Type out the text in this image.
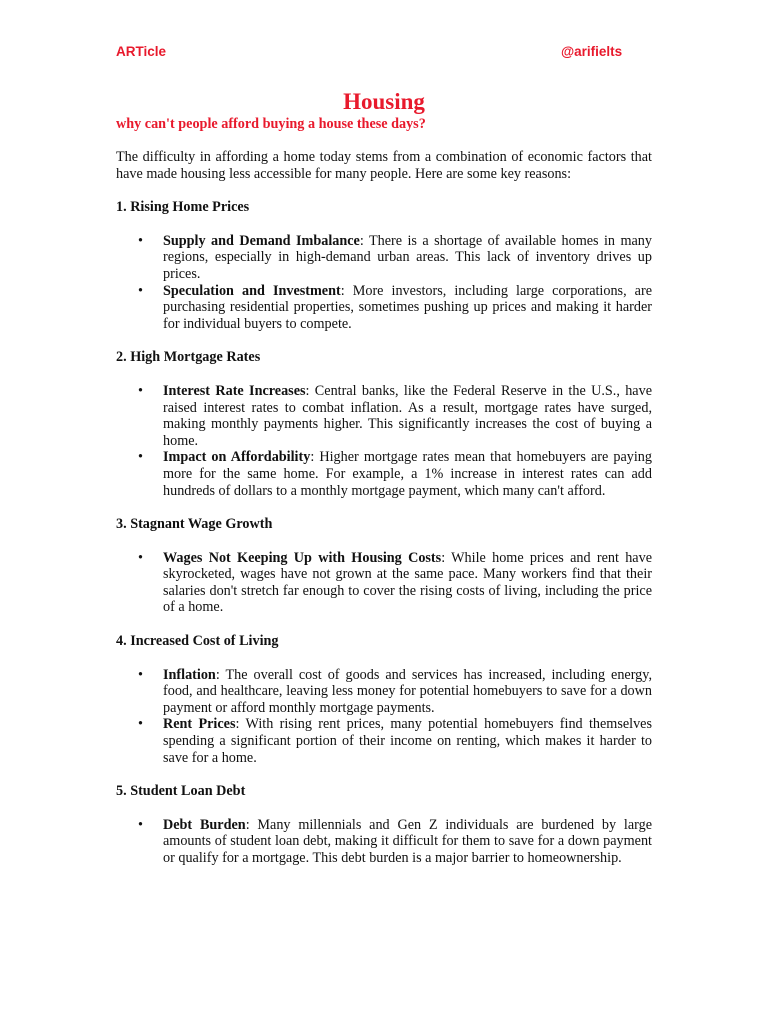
ARTicle	@arifielts
Housing

why can't people afford buying a house these days?

The difficulty in affording a home today stems from a combination of economic factors that have made housing less accessible for many people. Here are some key reasons:

1. Rising Home Prices

• Supply and Demand Imbalance: There is a shortage of available homes in many regions, especially in high-demand urban areas. This lack of inventory drives up prices.
• Speculation and Investment: More investors, including large corporations, are purchasing residential properties, sometimes pushing up prices and making it harder for individual buyers to compete.

2. High Mortgage Rates

• Interest Rate Increases: Central banks, like the Federal Reserve in the U.S., have raised interest rates to combat inflation. As a result, mortgage rates have surged, making monthly payments higher. This significantly increases the cost of buying a home.
• Impact on Affordability: Higher mortgage rates mean that homebuyers are paying more for the same home. For example, a 1% increase in interest rates can add hundreds of dollars to a monthly mortgage payment, which many can't afford.

3. Stagnant Wage Growth

• Wages Not Keeping Up with Housing Costs: While home prices and rent have skyrocketed, wages have not grown at the same pace. Many workers find that their salaries don't stretch far enough to cover the rising costs of living, including the price of a home.

4. Increased Cost of Living

• Inflation: The overall cost of goods and services has increased, including energy, food, and healthcare, leaving less money for potential homebuyers to save for a down payment or afford monthly mortgage payments.
• Rent Prices: With rising rent prices, many potential homebuyers find themselves spending a significant portion of their income on renting, which makes it harder to save for a home.

5. Student Loan Debt

• Debt Burden: Many millennials and Gen Z individuals are burdened by large amounts of student loan debt, making it difficult for them to save for a down payment or qualify for a mortgage. This debt burden is a major barrier to homeownership.
